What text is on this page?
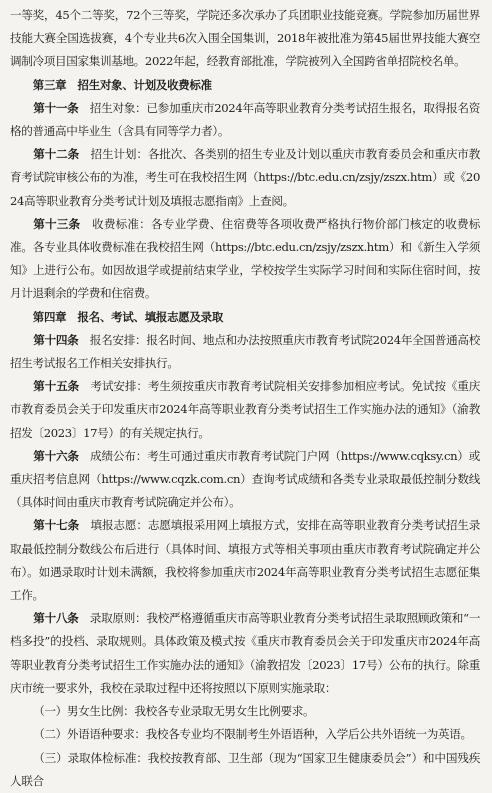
一等奖，45个二等奖，72个三等奖，学院还多次承办了兵团职业技能竞赛。学院参加历届世界技能大赛全国选拔赛，4个专业共6次入围全国集训，2018年被批准为第45届世界技能大赛空调制冷项目国家集训基地。2022年起，经教育部批准，学院被列入全国跨省单招院校名单。

第三章　招生对象、计划及收费标准

第十一条　招生对象：已参加重庆市2024年高等职业教育分类考试招生报名，取得报名资格的普通高中毕业生（含具有同等学力者）。

第十二条　招生计划：各批次、各类别的招生专业及计划以重庆市教育委员会和重庆市教育考试院审核公布的为准，考生可在我校招生网（https://btc.edu.cn/zsjy/zszx.htm）或《2024高等职业教育分类考试计划及填报志愿指南》上查阅。

第十三条　收费标准：各专业学费、住宿费等各项收费严格执行物价部门核定的收费标准。各专业具体收费标准在我校招生网（https://btc.edu.cn/zsjy/zszx.htm）和《新生入学须知》上进行公布。如因故退学或提前结束学业，学校按学生实际学习时间和实际住宿时间，按月计退剩余的学费和住宿费。

第四章　报名、考试、填报志愿及录取

第十四条　报名安排：报名时间、地点和办法按照重庆市教育考试院2024年全国普通高校招生考试报名工作相关安排执行。

第十五条　考试安排：考生须按重庆市教育考试院相关安排参加相应考试。免试按《重庆市教育委员会关于印发重庆市2024年高等职业教育分类考试招生工作实施办法的通知》（渝教招发〔2023〕17号）的有关规定执行。

第十六条　成绩公布：考生可通过重庆市教育考试院门户网（https://www.cqksy.cn）或重庆招考信息网（https://www.cqzk.com.cn）查询考试成绩和各类专业录取最低控制分数线（具体时间由重庆市教育考试院确定并公布）。

第十七条　填报志愿：志愿填报采用网上填报方式，安排在高等职业教育分类考试招生录取最低控制分数线公布后进行（具体时间、填报方式等相关事项由重庆市教育考试院确定并公布）。如遇录取时计划未满额，我校将参加重庆市2024年高等职业教育分类考试招生志愿征集工作。

第十八条　录取原则：我校严格遵循重庆市高等职业教育分类考试招生录取照顾政策和“一档多投”的投档、录取规则。具体政策及模式按《重庆市教育委员会关于印发重庆市2024年高等职业教育分类考试招生工作实施办法的通知》（渝教招发〔2023〕17号）公布的执行。除重庆市统一要求外，我校在录取过程中还将按照以下原则实施录取：

（一）男女生比例：我校各专业录取无男女生比例要求。

（二）外语语种要求：我校各专业均不限制考生外语语种，入学后公共外语统一为英语。

（三）录取体检标准：我校按教育部、卫生部（现为“国家卫生健康委员会”）和中国残疾人联合
